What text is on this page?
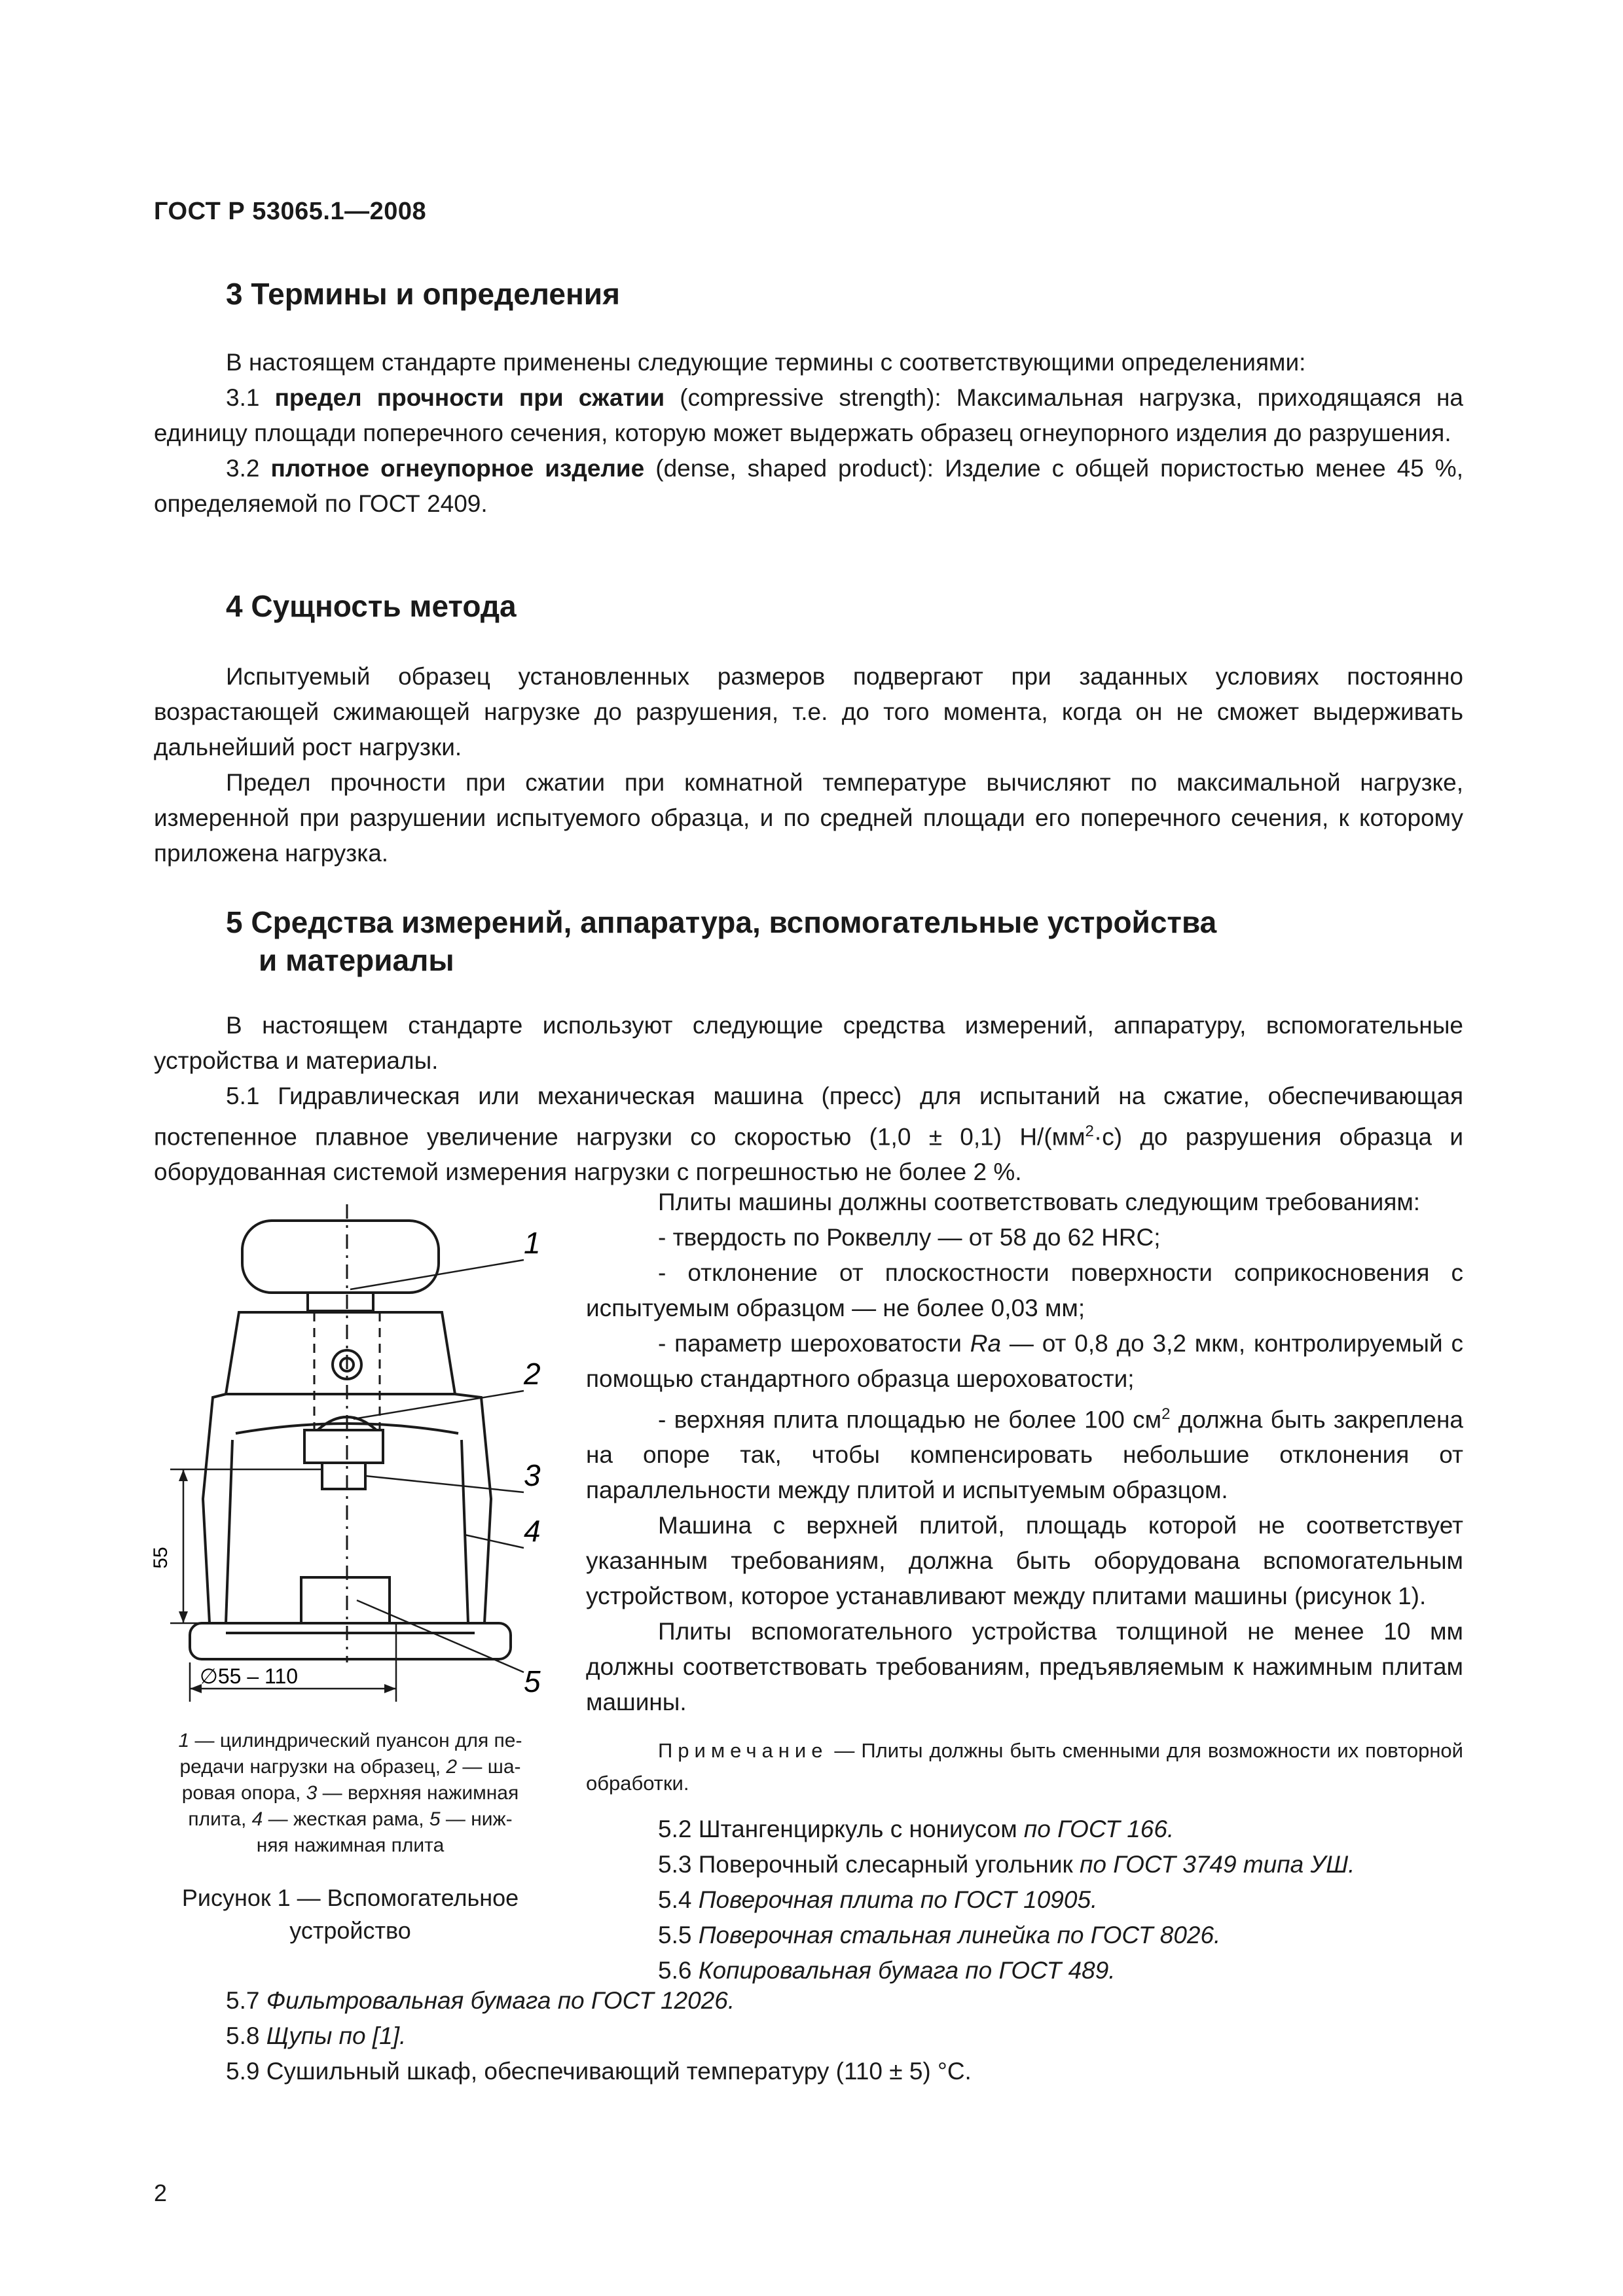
ГОСТ Р 53065.1—2008
3 Термины и определения
В настоящем стандарте применены следующие термины с соответствующими определениями:
3.1 предел прочности при сжатии (compressive strength): Максимальная нагрузка, приходящаяся на единицу площади поперечного сечения, которую может выдержать образец огнеупорного изделия до разрушения.
3.2 плотное огнеупорное изделие (dense, shaped product): Изделие с общей пористостью менее 45 %, определяемой по ГОСТ 2409.
4 Сущность метода
Испытуемый образец установленных размеров подвергают при заданных условиях постоянно возрастающей сжимающей нагрузке до разрушения, т.е. до того момента, когда он не сможет выдерживать дальнейший рост нагрузки.
Предел прочности при сжатии при комнатной температуре вычисляют по максимальной нагрузке, измеренной при разрушении испытуемого образца, и по средней площади его поперечного сечения, к которому приложена нагрузка.
5 Средства измерений, аппаратура, вспомогательные устройства
и материалы
В настоящем стандарте используют следующие средства измерений, аппаратуру, вспомогательные устройства и материалы.
5.1 Гидравлическая или механическая машина (пресс) для испытаний на сжатие, обеспечивающая постепенное плавное увеличение нагрузки со скоростью (1,0 ± 0,1) $Н/(мм^2\cdot с)$ до разрушения образца и оборудованная системой измерения нагрузки с погрешностью не более 2 %.
Плиты машины должны соответствовать следующим требованиям:
- твердость по Роквеллу — от 58 до 62 HRC;
- отклонение от плоскостности поверхности соприкосновения с испытуемым образцом — не более 0,03 мм;
- параметр шероховатости Ra — от 0,8 до 3,2 мкм, контролируемый с помощью стандартного образца шероховатости;
- верхняя плита площадью не более 100 $см^2$ должна быть закреплена на опоре так, чтобы компенсировать небольшие отклонения от параллельности между плитой и испытуемым образцом.
Машина с верхней плитой, площадь которой не соответствует указанным требованиям, должна быть оборудована вспомогательным устройством, которое устанавливают между плитами машины (рисунок 1).
Плиты вспомогательного устройства толщиной не менее 10 мм должны соответствовать требованиям, предъявляемым к нажимным плитам машины.
Примечание — Плиты должны быть сменными для возможности их повторной обработки.
5.2 Штангенциркуль с нониусом по ГОСТ 166.
5.3 Поверочный слесарный угольник по ГОСТ 3749 типа УШ.
5.4 Поверочная плита по ГОСТ 10905.
5.5 Поверочная стальная линейка по ГОСТ 8026.
5.6 Копировальная бумага по ГОСТ 489.
55
∅55 – 110
1
2
3
4
5
1 — цилиндрический пуансон для пе-
редачи нагрузки на образец, 2 — ша-
ровая опора, 3 — верхняя нажимная
плита, 4 — жесткая рама, 5 — ниж-
няя нажимная плита
Рисунок 1 — Вспомогательное
устройство
5.7 Фильтровальная бумага по ГОСТ 12026.
5.8 Щупы по [1].
5.9 Сушильный шкаф, обеспечивающий температуру (110 ± 5) °С.
2
